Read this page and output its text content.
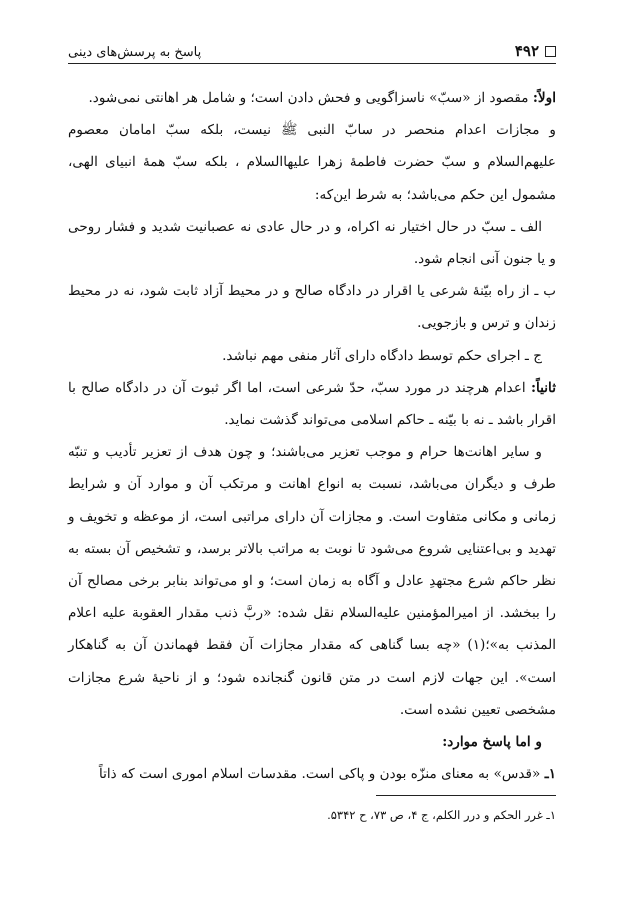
۴۹۲
پاسخ به پرسش‌های دینی

اولاً: مقصود از «سبّ» ناسزاگویی و فحش دادن است؛ و شامل هر اهانتی نمی‌شود.

و مجازات اعدام منحصر در سابّ النبی ﷺ نیست، بلکه سبّ امامان معصوم علیهم‌السلام و سبّ حضرت فاطمهٔ زهرا علیها‌السلام ، بلکه سبّ همهٔ انبیای الهی، مشمول این حکم می‌باشد؛ به شرط این‌که:

الف ـ سبّ در حال اختیار نه اکراه، و در حال عادی نه عصبانیت شدید و فشار روحی و یا جنون آنی انجام شود.

ب ـ از راه بیّنهٔ شرعی یا اقرار در دادگاه صالح و در محیط آزاد ثابت شود، نه در محیط زندان و ترس و بازجویی.

ج ـ اجرای حکم توسط دادگاه دارای آثار منفی مهم نباشد.

ثانیاً: اعدام هرچند در مورد سبّ، حدّ شرعی است، اما اگر ثبوت آن در دادگاه صالح با اقرار باشد ـ نه با بیّنه ـ حاکم اسلامی می‌تواند گذشت نماید.

و سایر اهانت‌ها حرام و موجب تعزیر می‌باشند؛ و چون هدف از تعزیر تأدیب و تنبّه طرف و دیگران می‌باشد، نسبت به انواع اهانت و مرتکب آن و موارد آن و شرایط زمانی و مکانی متفاوت است. و مجازات آن دارای مراتبی است، از موعظه و تخویف و تهدید و بی‌اعتنایی شروع می‌شود تا نوبت به مراتب بالاتر برسد، و تشخیص آن بسته به نظر حاکم شرع مجتهدِ عادل و آگاه به زمان است؛ و او می‌تواند بنابر برخی مصالح آن را ببخشد. از امیرالمؤمنین علیه‌السلام نقل شده: «ربَّ ذنب مقدار العقوبة علیه اعلام المذنب به»؛(۱) «چه بسا گناهی که مقدار مجازات آن فقط فهماندن آن به گناهکار است». این جهات لازم است در متن قانون گنجانده شود؛ و از ناحیهٔ شرع مجازات مشخصی تعیین نشده است.

و اما پاسخ موارد:

۱ـ «قدس» به معنای منزّه بودن و پاکی است. مقدسات اسلام اموری است که ذاتاً

۱ـ غرر الحکم و درر الکلم، ج ۴، ص ۷۳، ح ۵۳۴۲.
